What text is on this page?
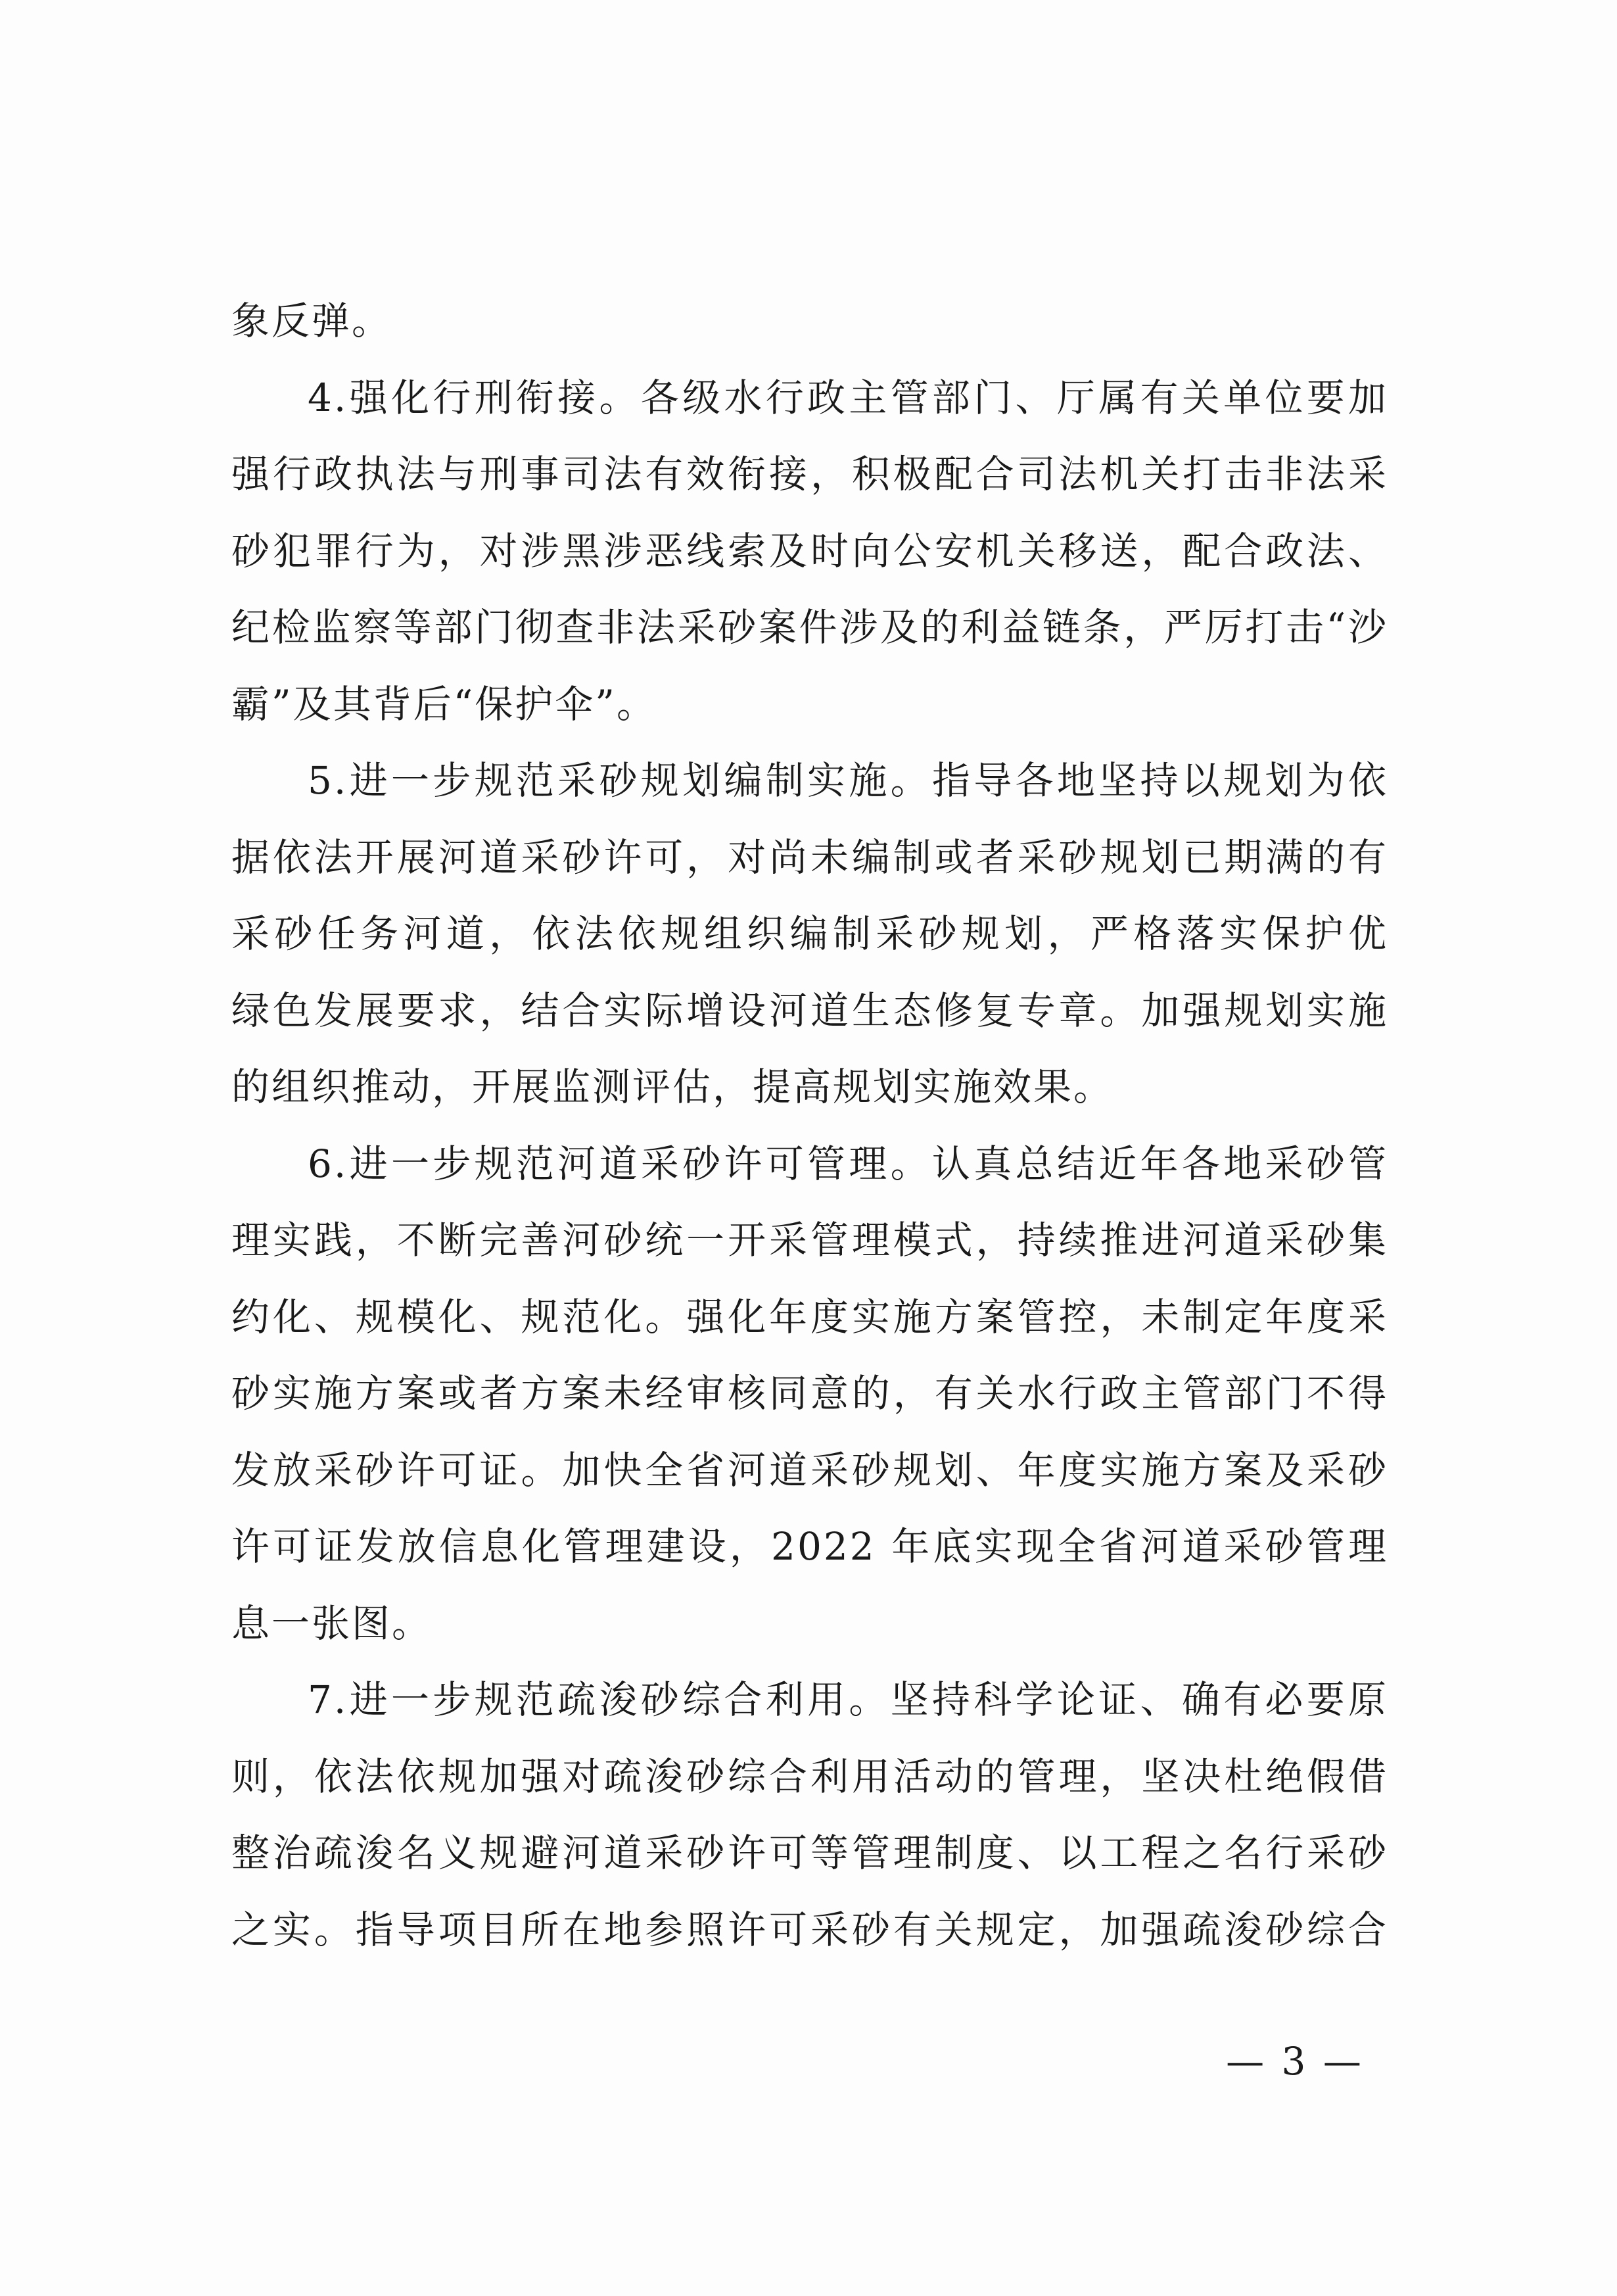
象反弹。
4.强化行刑衔接。各级水行政主管部门、厅属有关单位要加
强行政执法与刑事司法有效衔接，积极配合司法机关打击非法采
砂犯罪行为，对涉黑涉恶线索及时向公安机关移送，配合政法、
纪检监察等部门彻查非法采砂案件涉及的利益链条，严厉打击“沙
霸”及其背后“保护伞”。
5.进一步规范采砂规划编制实施。指导各地坚持以规划为依
据依法开展河道采砂许可，对尚未编制或者采砂规划已期满的有
采砂任务河道，依法依规组织编制采砂规划，严格落实保护优
绿色发展要求，结合实际增设河道生态修复专章。加强规划实施
的组织推动，开展监测评估，提高规划实施效果。
6.进一步规范河道采砂许可管理。认真总结近年各地采砂管
理实践，不断完善河砂统一开采管理模式，持续推进河道采砂集
约化、规模化、规范化。强化年度实施方案管控，未制定年度采
砂实施方案或者方案未经审核同意的，有关水行政主管部门不得
发放采砂许可证。加快全省河道采砂规划、年度实施方案及采砂
许可证发放信息化管理建设，2022 年底实现全省河道采砂管理
息一张图。
7.进一步规范疏浚砂综合利用。坚持科学论证、确有必要原
则，依法依规加强对疏浚砂综合利用活动的管理，坚决杜绝假借
整治疏浚名义规避河道采砂许可等管理制度、以工程之名行采砂
之实。指导项目所在地参照许可采砂有关规定，加强疏浚砂综合
— 3 —
